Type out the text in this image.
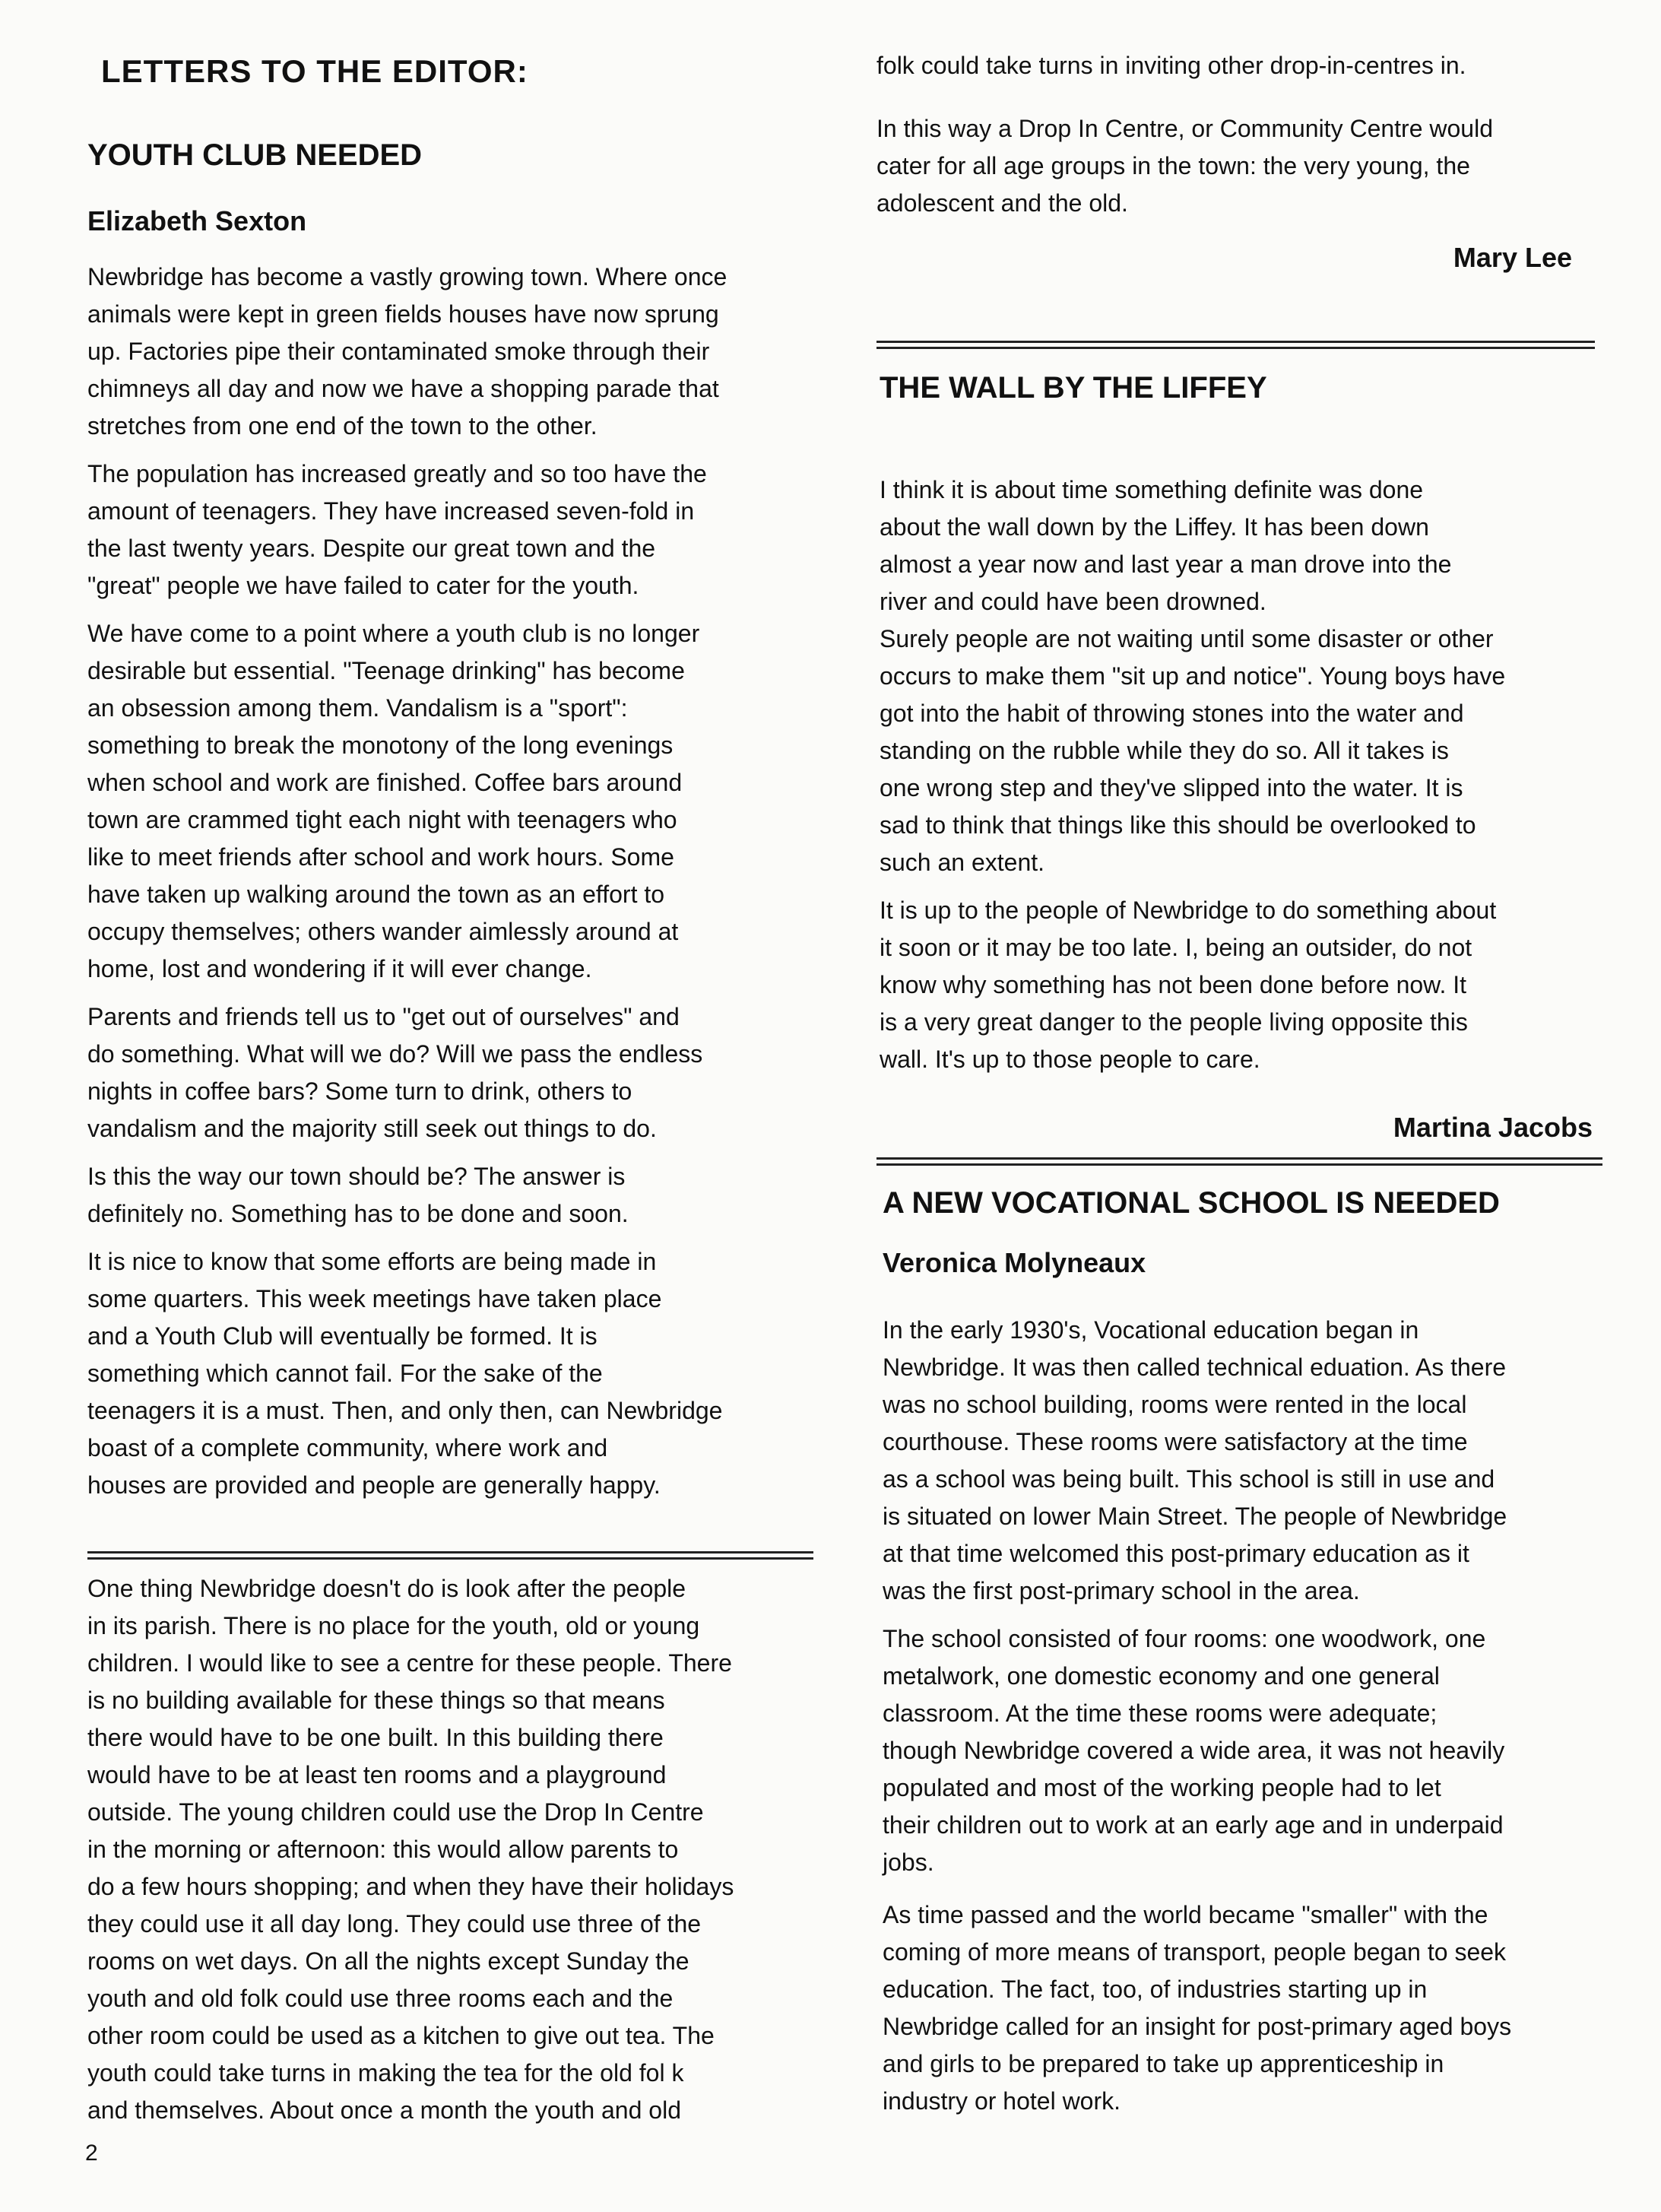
LETTERS TO THE EDITOR:
YOUTH CLUB NEEDED
Elizabeth Sexton
Newbridge has become a vastly growing town. Where once
animals were kept in green fields houses have now sprung
up. Factories pipe their contaminated smoke through their
chimneys all day and now we have a shopping parade that
stretches from one end of the town to the other.
The population has increased greatly and so too have the
amount of teenagers. They have increased seven-fold in
the last twenty years. Despite our great town and the
"great" people we have failed to cater for the youth.
We have come to a point where a youth club is no longer
desirable but essential. "Teenage drinking" has become
an obsession among them. Vandalism is a "sport":
something to break the monotony of the long evenings
when school and work are finished. Coffee bars around
town are crammed tight each night with teenagers who
like to meet friends after school and work hours. Some
have taken up walking around the town as an effort to
occupy themselves; others wander aimlessly around at
home, lost and wondering if it will ever change.
Parents and friends tell us to "get out of ourselves" and
do something. What will we do? Will we pass the endless
nights in coffee bars? Some turn to drink, others to
vandalism and the majority still seek out things to do.
Is this the way our town should be? The answer is
definitely no. Something has to be done and soon.
It is nice to know that some efforts are being made in
some quarters. This week meetings have taken place
and a Youth Club will eventually be formed. It is
something which cannot fail. For the sake of the
teenagers it is a must. Then, and only then, can Newbridge
boast of a complete community, where work and
houses are provided and people are generally happy.
One thing Newbridge doesn't do is look after the people
in its parish. There is no place for the youth, old or young
children. I would like to see a centre for these people. There
is no building available for these things so that means
there would have to be one built. In this building there
would have to be at least ten rooms and a playground
outside. The young children could use the Drop In Centre
in the morning or afternoon: this would allow parents to
do a few hours shopping; and when they have their holidays
they could use it all day long. They could use three of the
rooms on wet days. On all the nights except Sunday the
youth and old folk could use three rooms each and the
other room could be used as a kitchen to give out tea. The
youth could take turns in making the tea for the old fol k
and themselves. About once a month the youth and old
2
folk could take turns in inviting other drop-in-centres in.
In this way a Drop In Centre, or Community Centre would
cater for all age groups in the town: the very young, the
adolescent and the old.
Mary Lee
THE WALL BY THE LIFFEY
I think it is about time something definite was done
about the wall down by the Liffey. It has been down
almost a year now and last year a man drove into the
river and could have been drowned.
Surely people are not waiting until some disaster or other
occurs to make them "sit up and notice". Young boys have
got into the habit of throwing stones into the water and
standing on the rubble while they do so. All it takes is
one wrong step and they've slipped into the water. It is
sad to think that things like this should be overlooked to
such an extent.
It is up to the people of Newbridge to do something about
it soon or it may be too late. I, being an outsider, do not
know why something has not been done before now. It
is a very great danger to the people living opposite this
wall. It's up to those people to care.
Martina Jacobs
A NEW VOCATIONAL SCHOOL IS NEEDED
Veronica Molyneaux
In the early 1930's, Vocational education began in
Newbridge. It was then called technical eduation. As there
was no school building, rooms were rented in the local
courthouse. These rooms were satisfactory at the time
as a school was being built. This school is still in use and
is situated on lower Main Street. The people of Newbridge
at that time welcomed this post-primary education as it
was the first post-primary school in the area.
The school consisted of four rooms: one woodwork, one
metalwork, one domestic economy and one general
classroom. At the time these rooms were adequate;
though Newbridge covered a wide area, it was not heavily
populated and most of the working people had to let
their children out to work at an early age and in underpaid
jobs.
As time passed and the world became "smaller" with the
coming of more means of transport, people began to seek
education. The fact, too, of industries starting up in
Newbridge called for an insight for post-primary aged boys
and girls to be prepared to take up apprenticeship in
industry or hotel work.
